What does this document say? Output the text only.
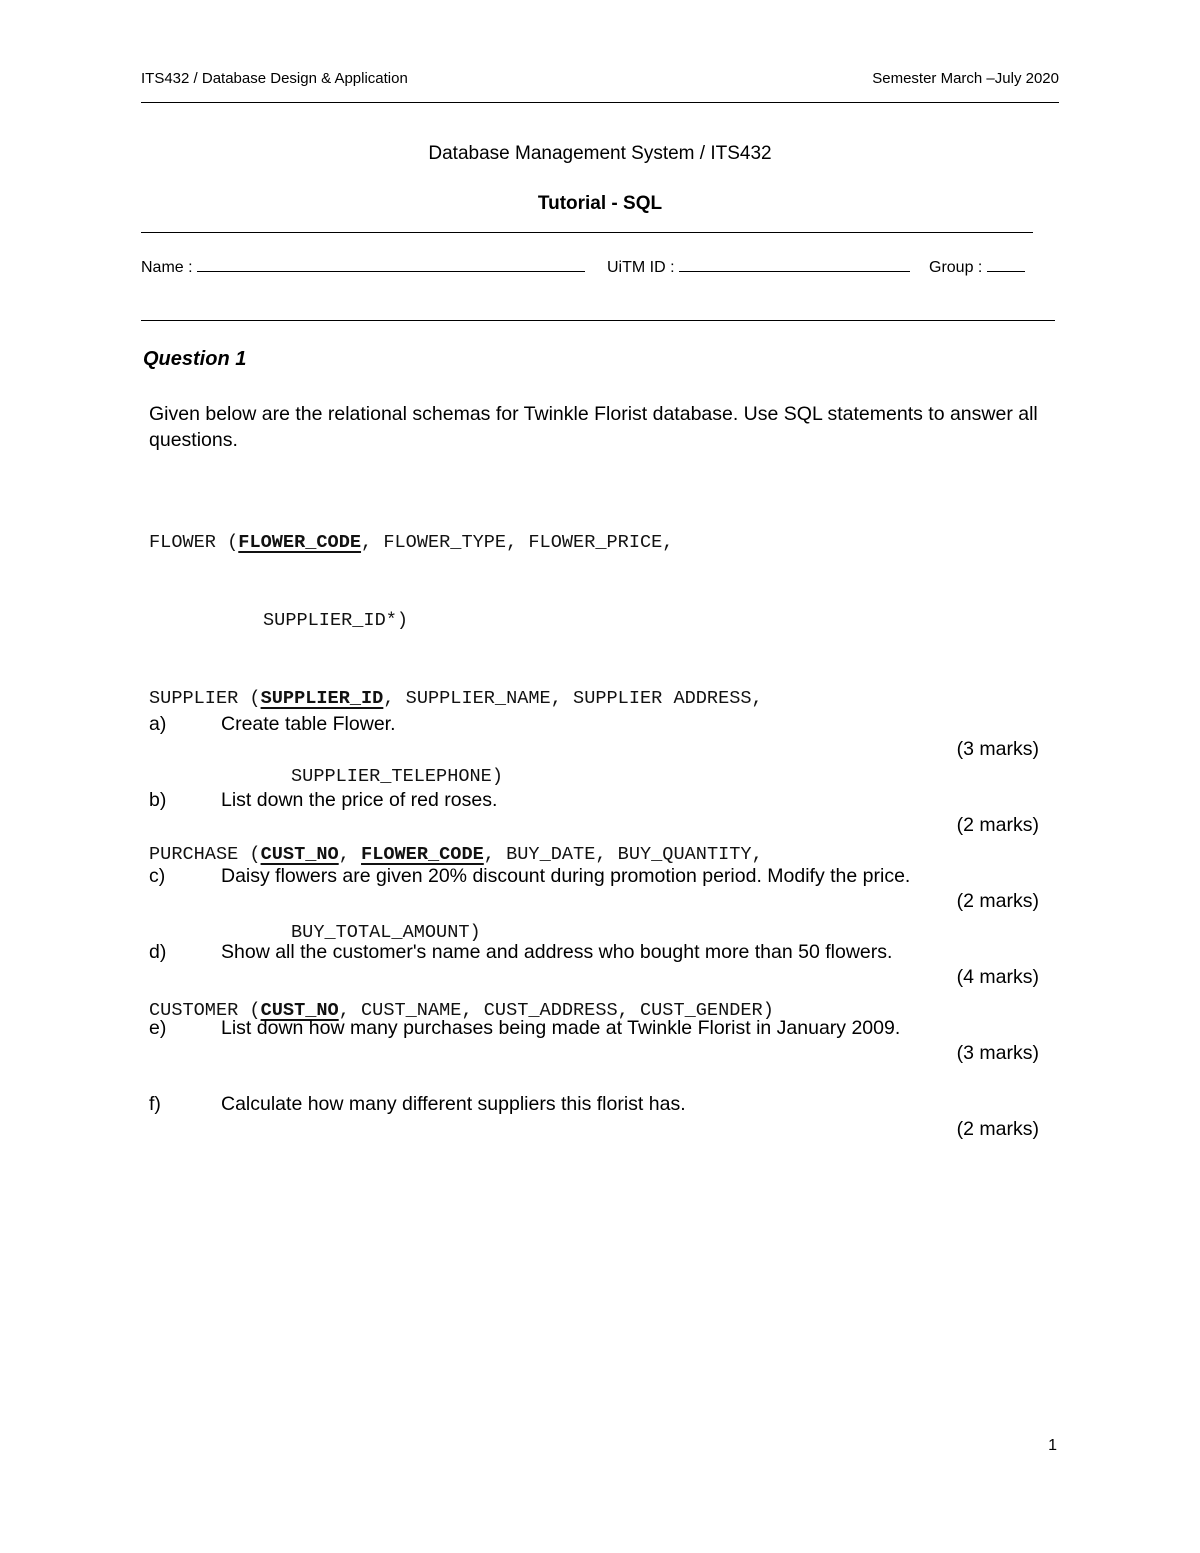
ITS432 / Database Design & Application	Semester March –July 2020
Database Management System / ITS432
Tutorial - SQL
Name :	UiTM ID :	Group :
Question 1
Given below are the relational schemas for Twinkle Florist database. Use SQL statements to answer all questions.

FLOWER (FLOWER_CODE, FLOWER_TYPE, FLOWER_PRICE,

SUPPLIER_ID*)

SUPPLIER (SUPPLIER_ID, SUPPLIER_NAME, SUPPLIER ADDRESS,

SUPPLIER_TELEPHONE)

PURCHASE (CUST_NO, FLOWER_CODE, BUY_DATE, BUY_QUANTITY,

BUY_TOTAL_AMOUNT)

CUSTOMER (CUST_NO, CUST_NAME, CUST_ADDRESS, CUST_GENDER)

a)	Create table Flower.
(3 marks)
b)	List down the price of red roses.
(2 marks)
c)	Daisy flowers are given 20% discount during promotion period. Modify the price.
(2 marks)
d)	Show all the customer's name and address who bought more than 50 flowers.
(4 marks)
e)	List down how many purchases being made at Twinkle Florist in January 2009.
(3 marks)
f)	Calculate how many different suppliers this florist has.
(2 marks)
1
